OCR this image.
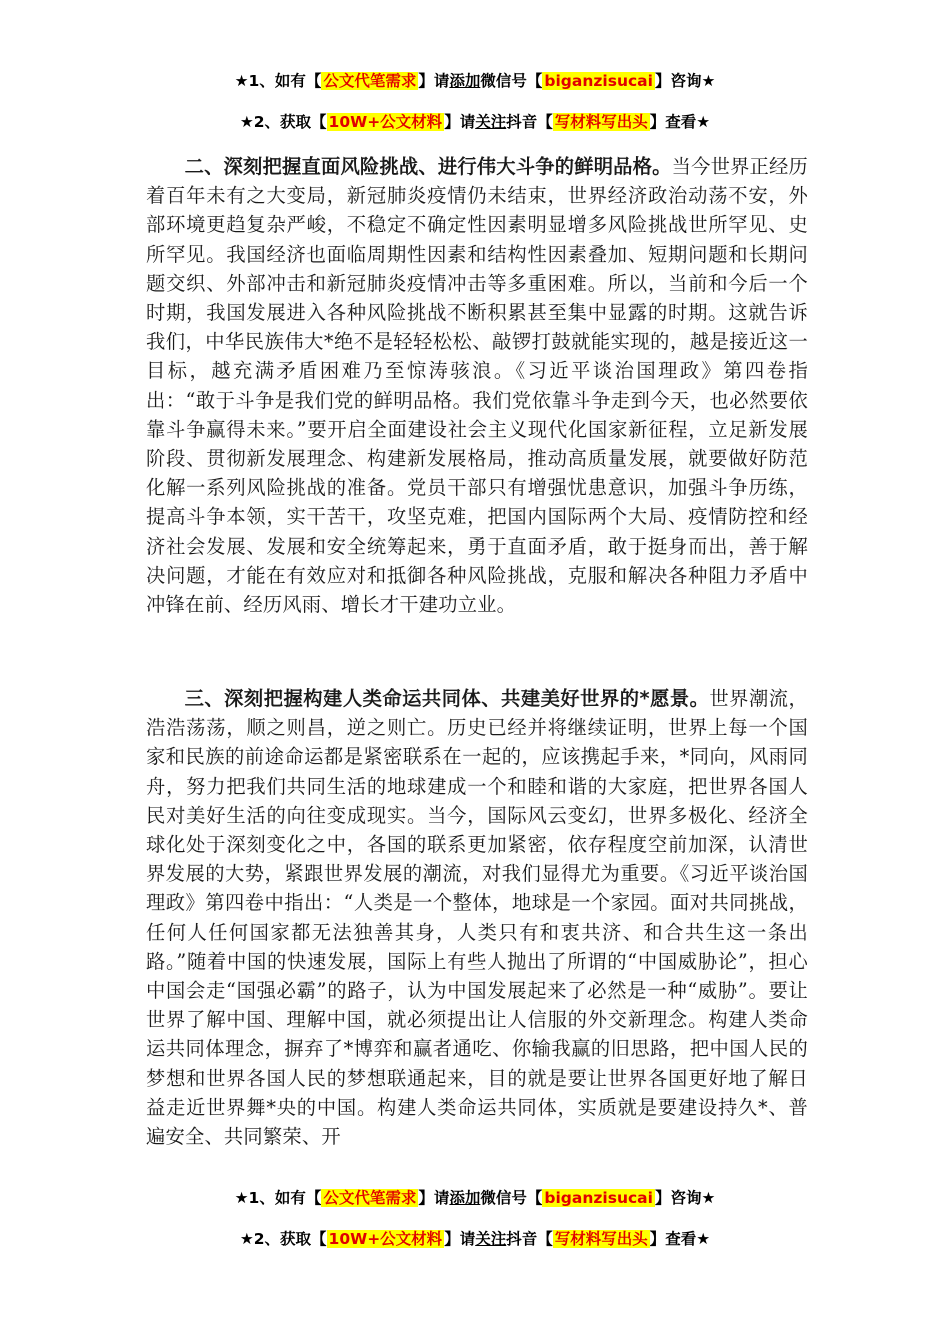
★1、如有【 公文代笔需求 】请添加微信号【 biganzisucai 】咨询★
★2、获取【 10W+公文材料 】请关注抖音【 写材料写出头 】查看★

二、深刻把握直面风险挑战、进行伟大斗争的鲜明品格。当今世界正经历着百年未有之大变局，新冠肺炎疫情仍未结束，世界经济政治动荡不安，外部环境更趋复杂严峻，不稳定不确定性因素明显增多风险挑战世所罕见、史所罕见。我国经济也面临周期性因素和结构性因素叠加、短期问题和长期问题交织、外部冲击和新冠肺炎疫情冲击等多重困难。所以，当前和今后一个时期，我国发展进入各种风险挑战不断积累甚至集中显露的时期。这就告诉我们，中华民族伟大*绝不是轻轻松松、敲锣打鼓就能实现的，越是接近这一目标，越充满矛盾困难乃至惊涛骇浪。《习近平谈治国理政》第四卷指出：“敢于斗争是我们党的鲜明品格。我们党依靠斗争走到今天，也必然要依靠斗争赢得未来。”要开启全面建设社会主义现代化国家新征程，立足新发展阶段、贯彻新发展理念、构建新发展格局，推动高质量发展，就要做好防范化解一系列风险挑战的准备。党员干部只有增强忧患意识，加强斗争历练，提高斗争本领，实干苦干，攻坚克难，把国内国际两个大局、疫情防控和经济社会发展、发展和安全统筹起来，勇于直面矛盾，敢于挺身而出，善于解决问题，才能在有效应对和抵御各种风险挑战，克服和解决各种阻力矛盾中冲锋在前、经历风雨、增长才干建功立业。

三、深刻把握构建人类命运共同体、共建美好世界的*愿景。世界潮流，浩浩荡荡，顺之则昌，逆之则亡。历史已经并将继续证明，世界上每一个国家和民族的前途命运都是紧密联系在一起的，应该携起手来，*同向，风雨同舟，努力把我们共同生活的地球建成一个和睦和谐的大家庭，把世界各国人民对美好生活的向往变成现实。当今，国际风云变幻，世界多极化、经济全球化处于深刻变化之中，各国的联系更加紧密，依存程度空前加深，认清世界发展的大势，紧跟世界发展的潮流，对我们显得尤为重要。《习近平谈治国理政》第四卷中指出：“人类是一个整体，地球是一个家园。面对共同挑战，任何人任何国家都无法独善其身，人类只有和衷共济、和合共生这一条出路。”随着中国的快速发展，国际上有些人抛出了所谓的“中国威胁论”，担心中国会走“国强必霸”的路子，认为中国发展起来了必然是一种“威胁”。要让世界了解中国、理解中国，就必须提出让人信服的外交新理念。构建人类命运共同体理念，摒弃了*博弈和赢者通吃、你输我赢的旧思路，把中国人民的梦想和世界各国人民的梦想联通起来，目的就是要让世界各国更好地了解日益走近世界舞*央的中国。构建人类命运共同体，实质就是要建设持久*、普遍安全、共同繁荣、开

★1、如有【 公文代笔需求 】请添加微信号【 biganzisucai 】咨询★
★2、获取【 10W+公文材料 】请关注抖音【 写材料写出头 】查看★
